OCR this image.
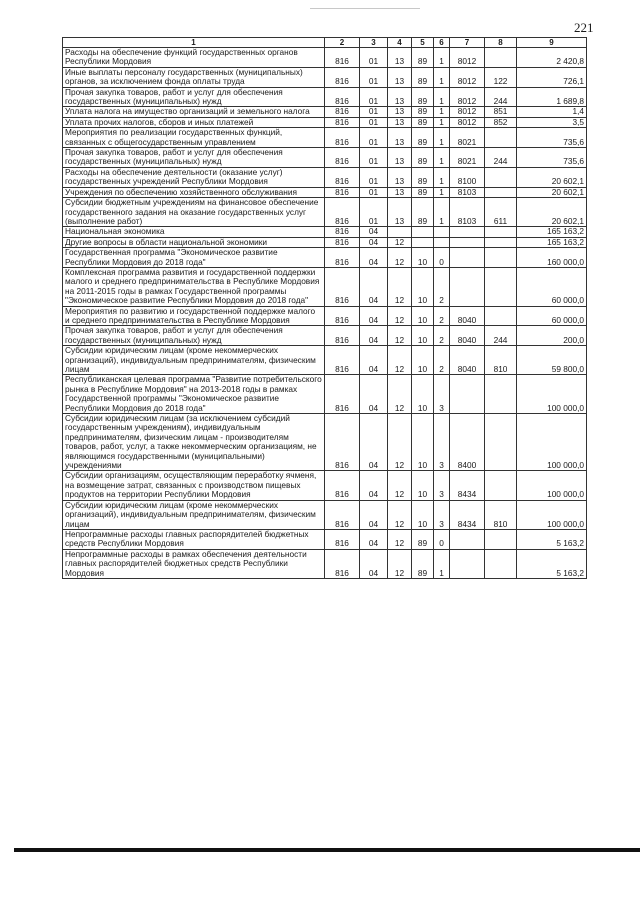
221
1	2	3	4	5	6	7	8	9
Расходы на обеспечение функций государственных органов Республики Мордовия	816	01	13	89	1	8012		2 420,8
Иные выплаты персоналу государственных (муниципальных) органов, за исключением фонда оплаты труда	816	01	13	89	1	8012	122	726,1
Прочая закупка товаров, работ и услуг для обеспечения государственных (муниципальных) нужд	816	01	13	89	1	8012	244	1 689,8
Уплата налога на имущество организаций и земельного налога	816	01	13	89	1	8012	851	1,4
Уплата прочих налогов, сборов и иных платежей	816	01	13	89	1	8012	852	3,5
Мероприятия по реализации государственных функций, связанных с общегосударственным управлением	816	01	13	89	1	8021		735,6
Прочая закупка товаров, работ и услуг для обеспечения государственных (муниципальных) нужд	816	01	13	89	1	8021	244	735,6
Расходы на обеспечение деятельности (оказание услуг) государственных учреждений Республики Мордовия	816	01	13	89	1	8100		20 602,1
Учреждения по обеспечению хозяйственного обслуживания	816	01	13	89	1	8103		20 602,1
Субсидии бюджетным учреждениям на финансовое обеспечение государственного задания на оказание государственных услуг (выполнение работ)	816	01	13	89	1	8103	611	20 602,1
Национальная экономика	816	04						165 163,2
Другие вопросы в области национальной экономики	816	04	12					165 163,2
Государственная программа "Экономическое развитие Республики Мордовия до 2018 года"	816	04	12	10	0			160 000,0
Комплексная программа развития и государственной поддержки малого и среднего предпринимательства в Республике Мордовия на 2011-2015 годы в рамках Государственной программы "Экономическое развитие Республики Мордовия до 2018 года"	816	04	12	10	2			60 000,0
Мероприятия по развитию и государственной поддержке малого и среднего предпринимательства в Республике Мордовия	816	04	12	10	2	8040		60 000,0
Прочая закупка товаров, работ и услуг для обеспечения государственных (муниципальных) нужд	816	04	12	10	2	8040	244	200,0
Субсидии юридическим лицам (кроме некоммерческих организаций), индивидуальным предпринимателям, физическим лицам	816	04	12	10	2	8040	810	59 800,0
Республиканская целевая программа "Развитие потребительского рынка в Республике Мордовия" на 2013-2018 годы в рамках Государственной программы "Экономическое развитие Республики Мордовия до 2018 года"	816	04	12	10	3			100 000,0
Субсидии юридическим лицам (за исключением субсидий государственным учреждениям), индивидуальным предпринимателям, физическим лицам - производителям товаров, работ, услуг, а также некоммерческим организациям, не являющимся государственными (муниципальными) учреждениями	816	04	12	10	3	8400		100 000,0
Субсидии организациям, осуществляющим переработку ячменя, на возмещение затрат, связанных с производством пищевых продуктов на территории Республики Мордовия	816	04	12	10	3	8434		100 000,0
Субсидии юридическим лицам (кроме некоммерческих организаций), индивидуальным предпринимателям, физическим лицам	816	04	12	10	3	8434	810	100 000,0
Непрограммные расходы главных распорядителей бюджетных средств Республики Мордовия	816	04	12	89	0			5 163,2
Непрограммные расходы в рамках обеспечения деятельности главных распорядителей бюджетных средств Республики Мордовия	816	04	12	89	1			5 163,2
